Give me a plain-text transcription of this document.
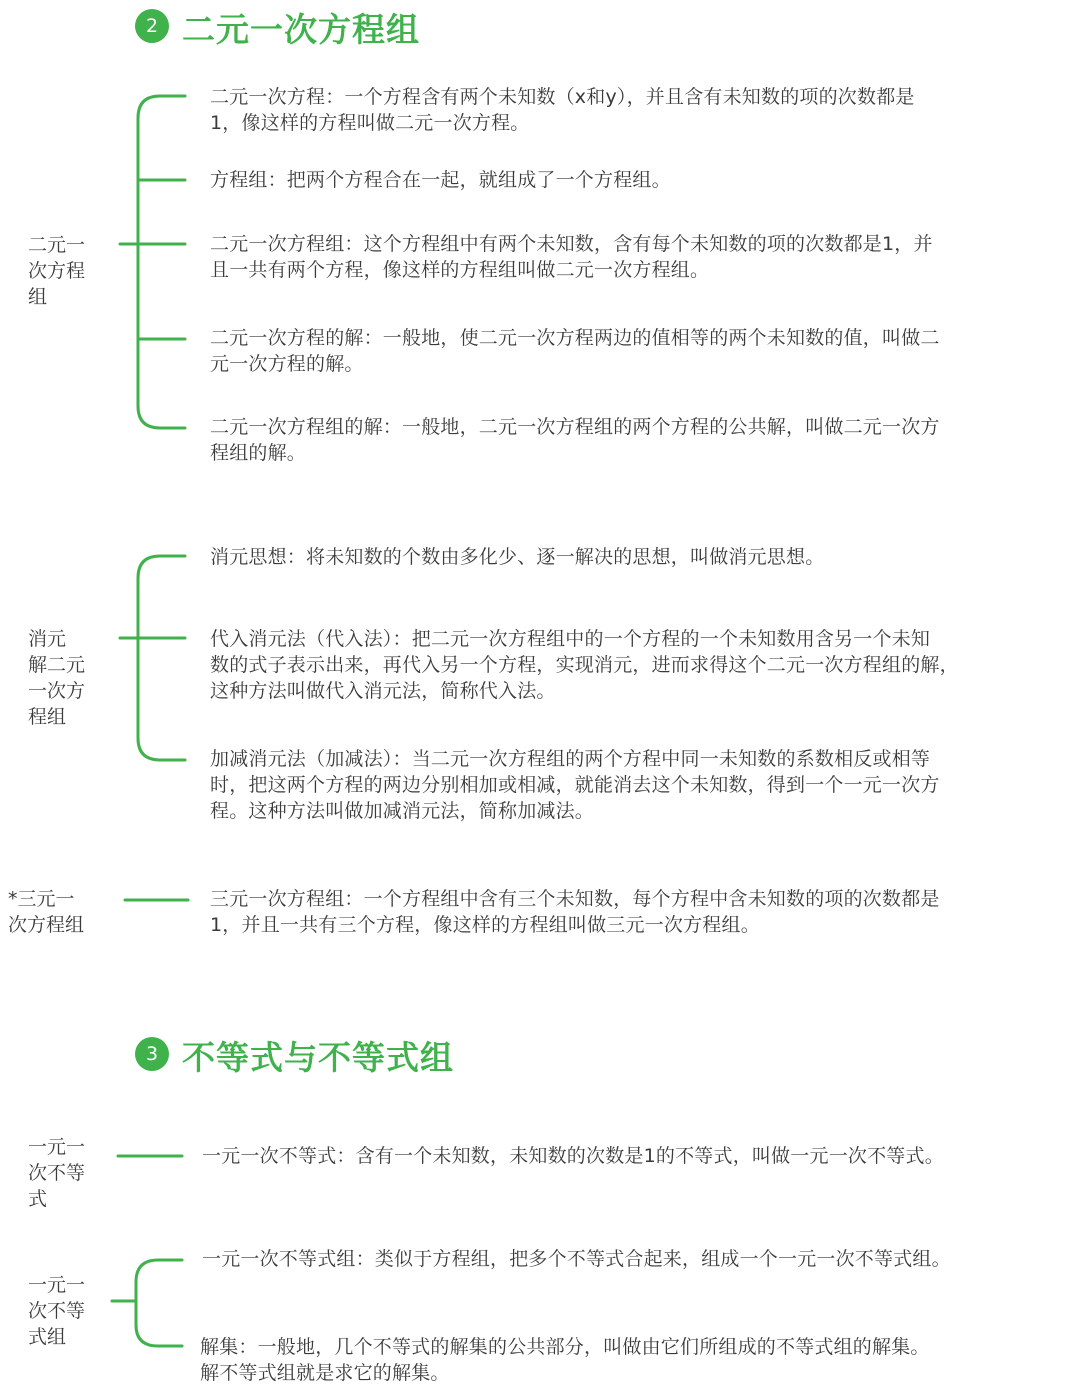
2 二元一次方程组
二元一
次方程
组
二元一次方程：一个方程含有两个未知数（x和y），并且含有未知数的项的次数都是
1，像这样的方程叫做二元一次方程。
方程组：把两个方程合在一起，就组成了一个方程组。
二元一次方程组：这个方程组中有两个未知数，含有每个未知数的项的次数都是1，并
且一共有两个方程，像这样的方程组叫做二元一次方程组。
二元一次方程的解：一般地，使二元一次方程两边的值相等的两个未知数的值，叫做二
元一次方程的解。
二元一次方程组的解：一般地，二元一次方程组的两个方程的公共解，叫做二元一次方
程组的解。
消元
解二元
一次方
程组
消元思想：将未知数的个数由多化少、逐一解决的思想，叫做消元思想。
代入消元法（代入法）：把二元一次方程组中的一个方程的一个未知数用含另一个未知
数的式子表示出来，再代入另一个方程，实现消元，进而求得这个二元一次方程组的解，
这种方法叫做代入消元法，简称代入法。
加减消元法（加减法）：当二元一次方程组的两个方程中同一未知数的系数相反或相等
时，把这两个方程的两边分别相加或相减，就能消去这个未知数，得到一个一元一次方
程。这种方法叫做加减消元法，简称加减法。
*三元一
次方程组
三元一次方程组：一个方程组中含有三个未知数，每个方程中含未知数的项的次数都是
1，并且一共有三个方程，像这样的方程组叫做三元一次方程组。
3 不等式与不等式组
一元一
次不等
式
一元一次不等式：含有一个未知数，未知数的次数是1的不等式，叫做一元一次不等式。
一元一
次不等
式组
一元一次不等式组：类似于方程组，把多个不等式合起来，组成一个一元一次不等式组。
解集：一般地，几个不等式的解集的公共部分，叫做由它们所组成的不等式组的解集。
解不等式组就是求它的解集。
